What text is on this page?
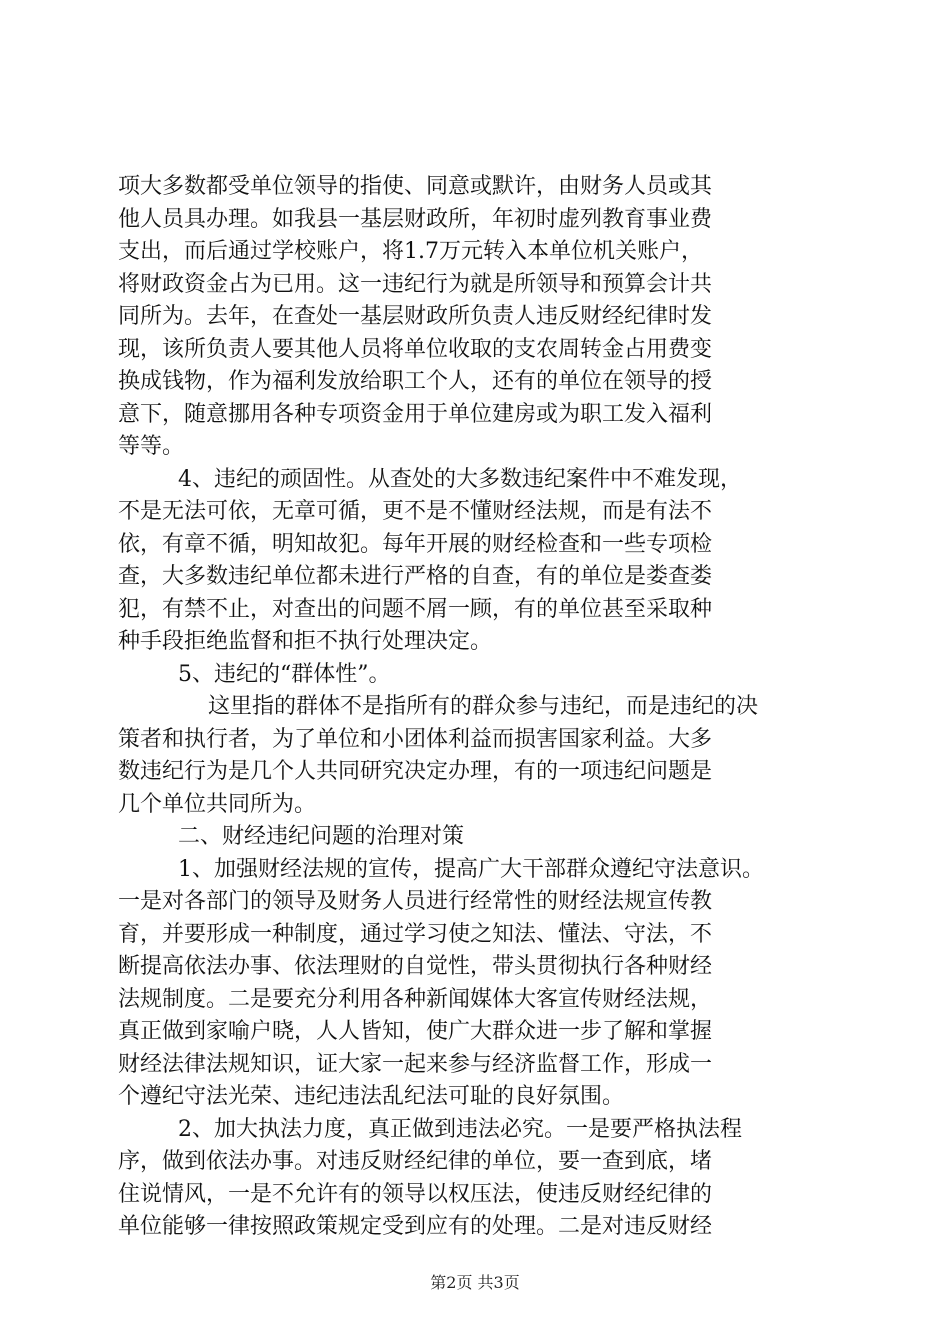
项大多数都受单位领导的指使、同意或默许，由财务人员或其
他人员具办理。如我县一基层财政所，年初时虚列教育事业费
支出，而后通过学校账户，将1.7万元转入本单位机关账户，
将财政资金占为已用。这一违纪行为就是所领导和预算会计共
同所为。去年，在查处一基层财政所负责人违反财经纪律时发
现，该所负责人要其他人员将单位收取的支农周转金占用费变
换成钱物，作为福利发放给职工个人，还有的单位在领导的授
意下，随意挪用各种专项资金用于单位建房或为职工发入福利
等等。
4、违纪的顽固性。从查处的大多数违纪案件中不难发现，
不是无法可依，无章可循，更不是不懂财经法规，而是有法不
依，有章不循，明知故犯。每年开展的财经检查和一些专项检
查，大多数违纪单位都未进行严格的自查，有的单位是娄查娄
犯，有禁不止，对查出的问题不屑一顾，有的单位甚至采取种
种手段拒绝监督和拒不执行处理决定。
5、违纪的“群体性”。
这里指的群体不是指所有的群众参与违纪，而是违纪的决
策者和执行者，为了单位和小团体利益而损害国家利益。大多
数违纪行为是几个人共同研究决定办理，有的一项违纪问题是
几个单位共同所为。
二、财经违纪问题的治理对策
1、加强财经法规的宣传，提高广大干部群众遵纪守法意识。
一是对各部门的领导及财务人员进行经常性的财经法规宣传教
育，并要形成一种制度，通过学习使之知法、懂法、守法，不
断提高依法办事、依法理财的自觉性，带头贯彻执行各种财经
法规制度。二是要充分利用各种新闻媒体大客宣传财经法规，
真正做到家喻户晓，人人皆知，使广大群众进一步了解和掌握
财经法律法规知识，证大家一起来参与经济监督工作，形成一
个遵纪守法光荣、违纪违法乱纪法可耻的良好氛围。
2、加大执法力度，真正做到违法必究。一是要严格执法程
序，做到依法办事。对违反财经纪律的单位，要一查到底，堵
住说情风，一是不允许有的领导以权压法，使违反财经纪律的
单位能够一律按照政策规定受到应有的处理。二是对违反财经
第2页 共3页
